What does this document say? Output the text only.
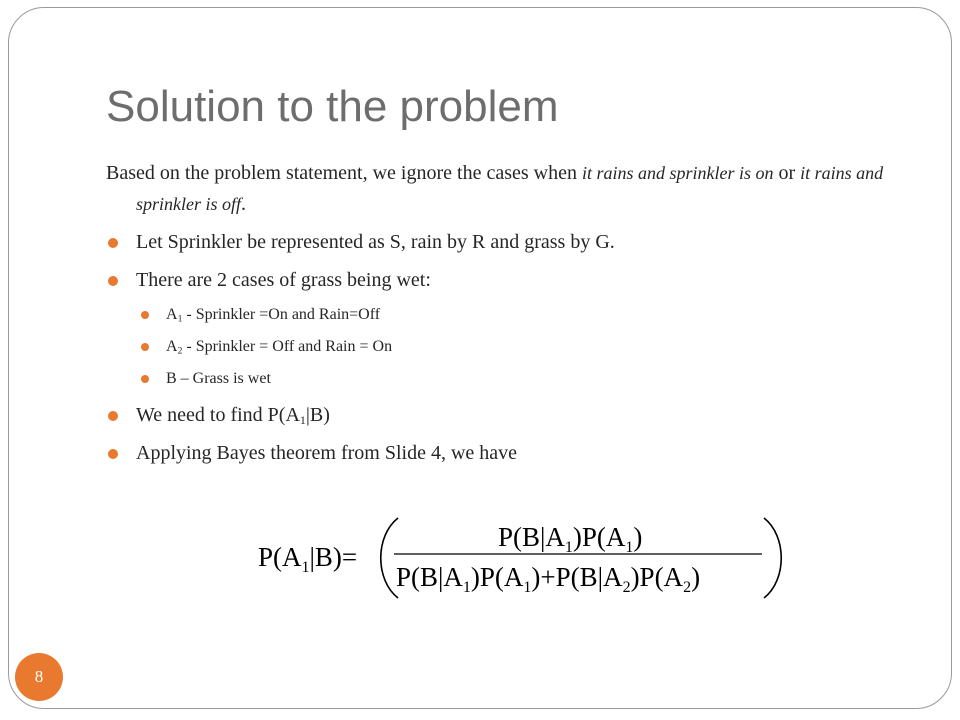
Solution to the problem

Based on the problem statement, we ignore the cases when it rains and sprinkler is on or it rains and sprinkler is off.

Let Sprinkler be represented as S, rain by R and grass by G.
There are 2 cases of grass being wet:
$A_1$ - Sprinkler =On and Rain=Off
$A_2$ - Sprinkler = Off and Rain = On
B – Grass is wet
We need to find $P(A_1|B)$
Applying Bayes theorem from Slide 4, we have
$P(A_1|B)=$
$P(B|A_1)P(A_1)$
$P(B|A_1)P(A_1)+P(B|A_2)P(A_2)$
8
